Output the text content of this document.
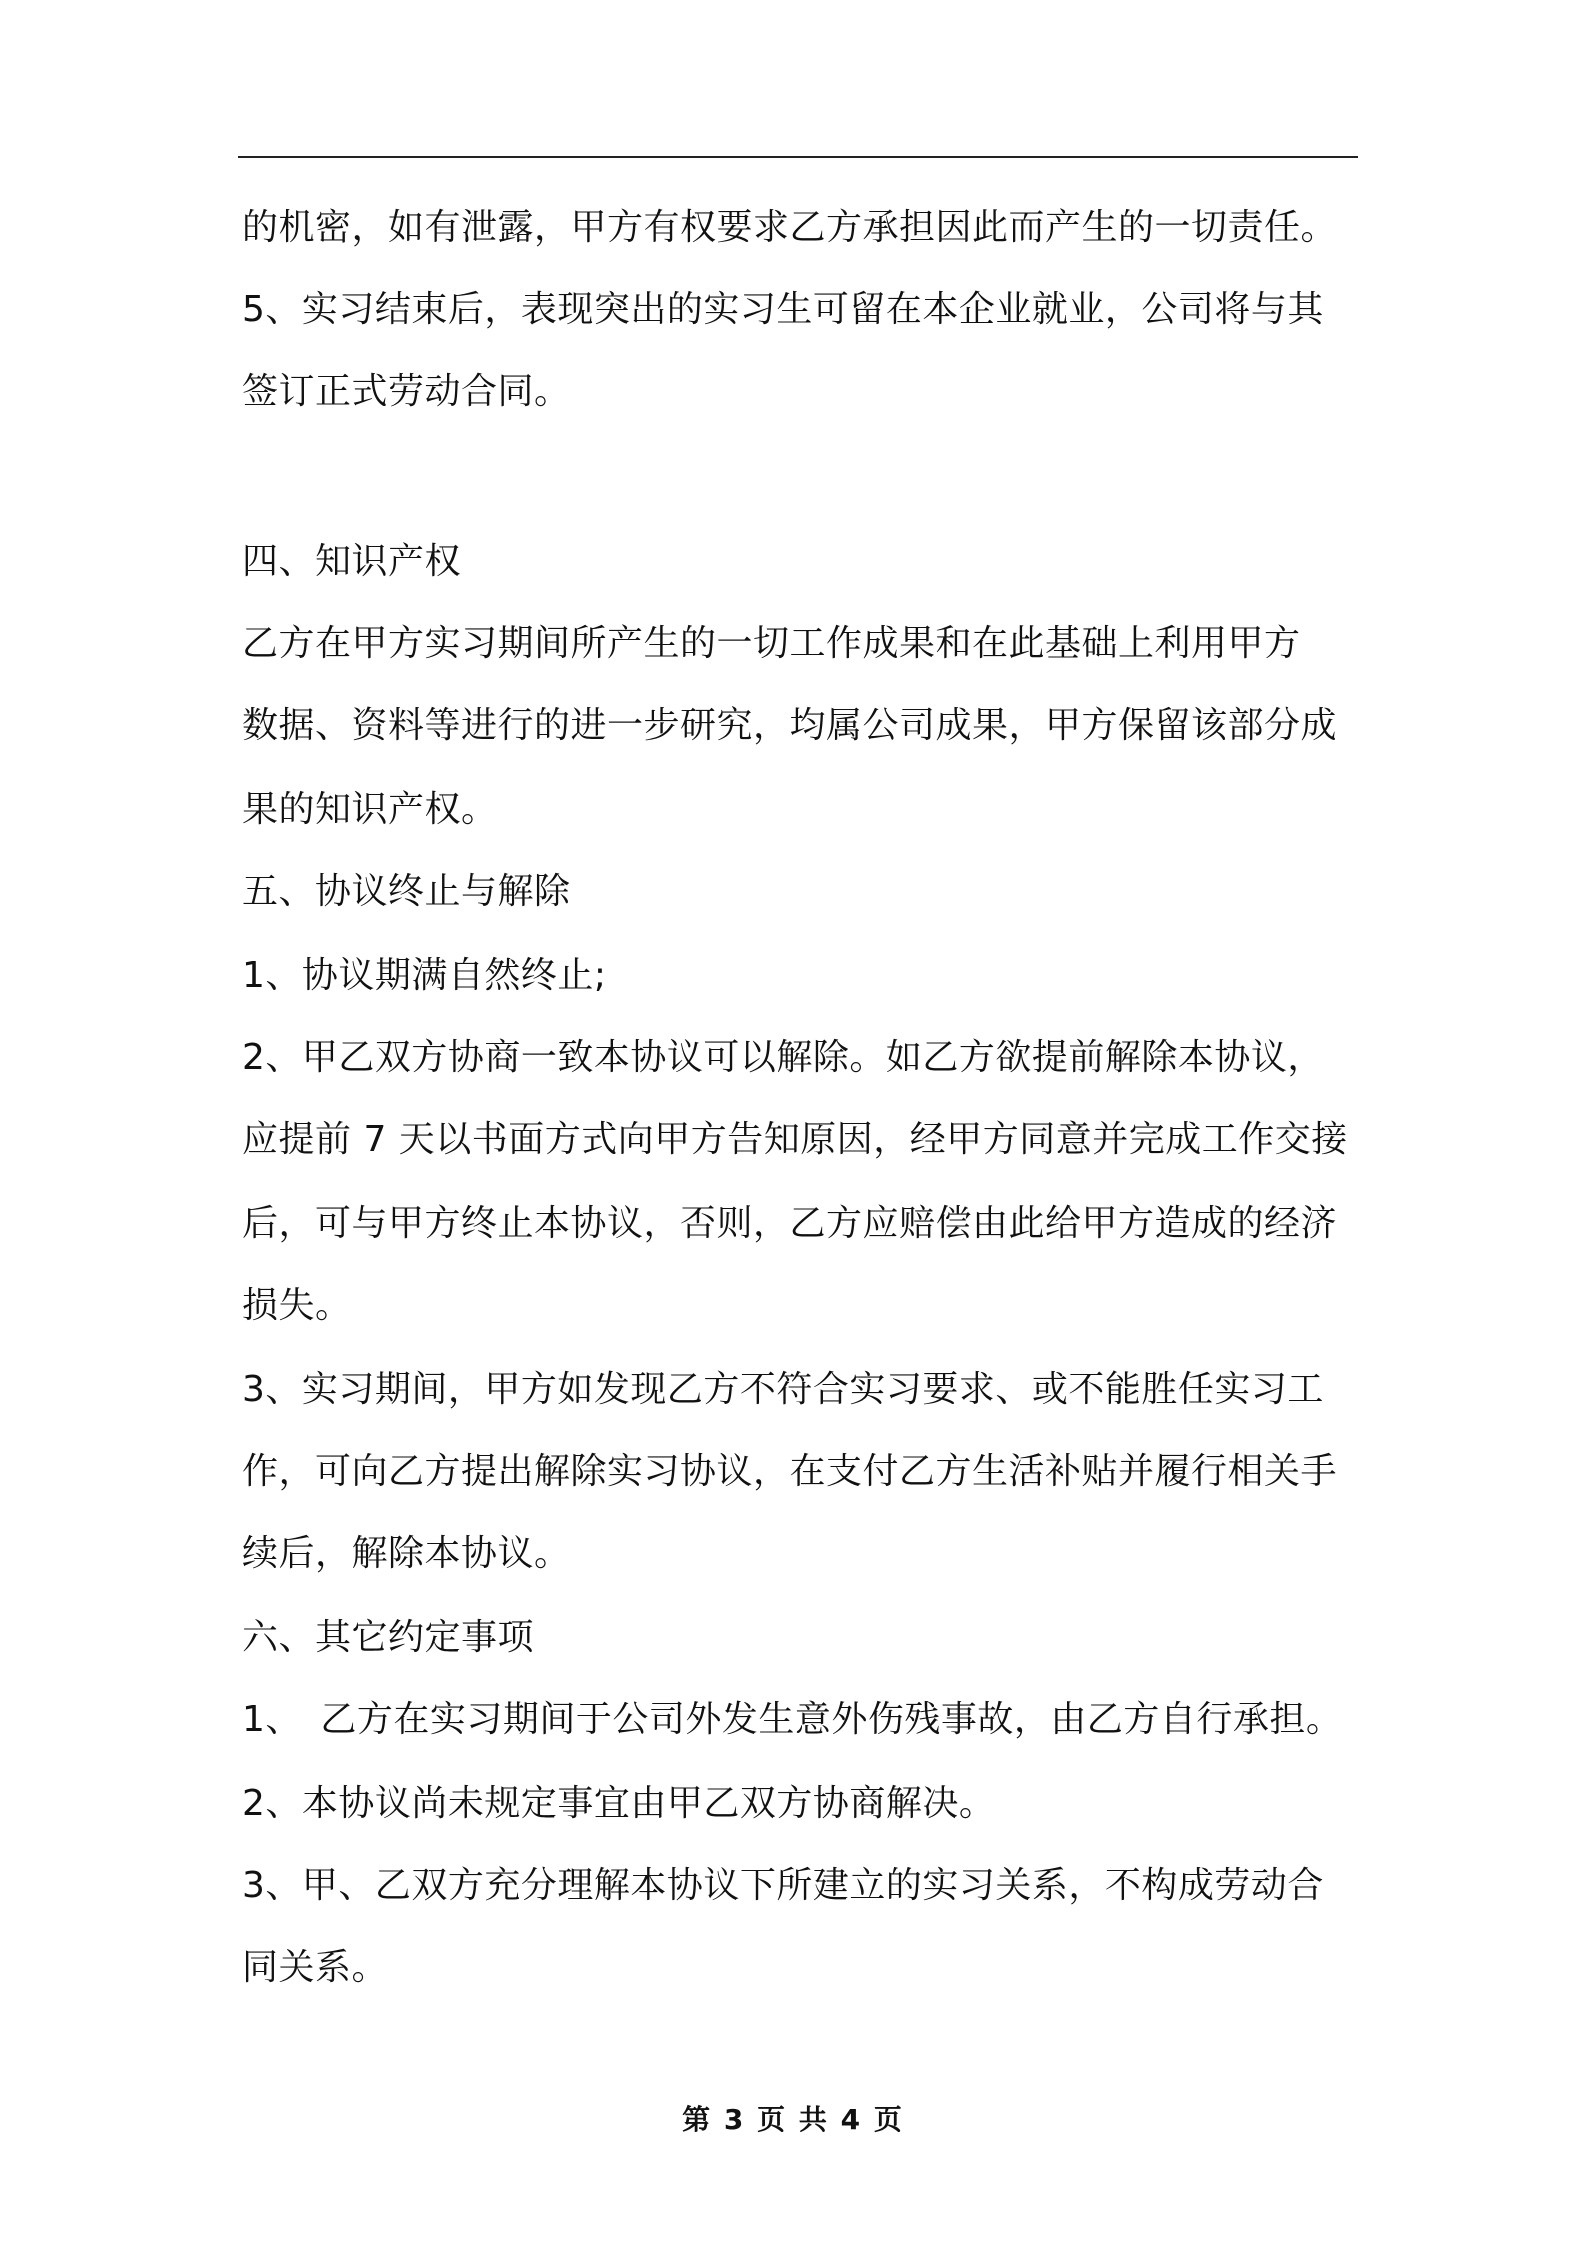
的机密，如有泄露，甲方有权要求乙方承担因此而产生的一切责任。
5、实习结束后，表现突出的实习生可留在本企业就业，公司将与其
签订正式劳动合同。
四、知识产权
乙方在甲方实习期间所产生的一切工作成果和在此基础上利用甲方
数据、资料等进行的进一步研究，均属公司成果，甲方保留该部分成
果的知识产权。
五、协议终止与解除
1、协议期满自然终止;
2、甲乙双方协商一致本协议可以解除。如乙方欲提前解除本协议，
应提前 7 天以书面方式向甲方告知原因，经甲方同意并完成工作交接
后，可与甲方终止本协议，否则，乙方应赔偿由此给甲方造成的经济
损失。
3、实习期间，甲方如发现乙方不符合实习要求、或不能胜任实习工
作，可向乙方提出解除实习协议，在支付乙方生活补贴并履行相关手
续后，解除本协议。
六、其它约定事项
1、　乙方在实习期间于公司外发生意外伤残事故，由乙方自行承担。
2、本协议尚未规定事宜由甲乙双方协商解决。
3、甲、乙双方充分理解本协议下所建立的实习关系，不构成劳动合
同关系。
第 3 页 共 4 页
